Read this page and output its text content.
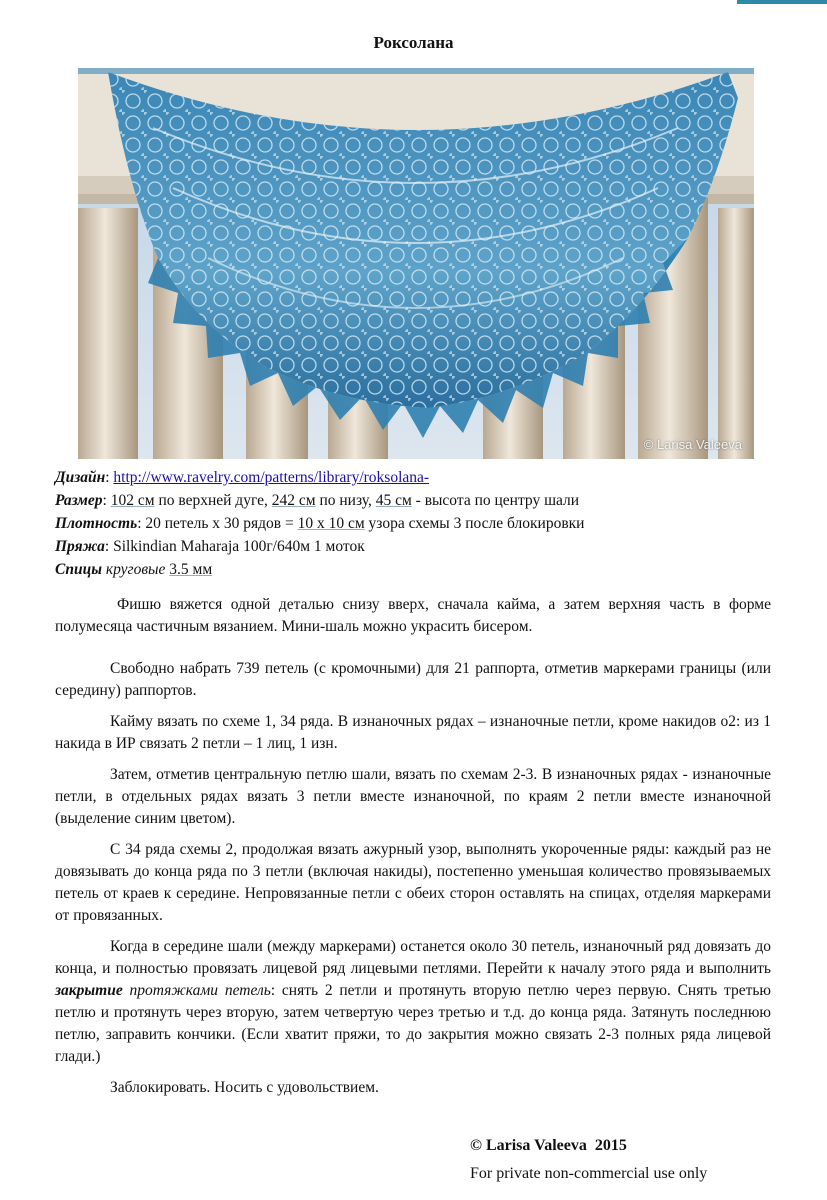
Роксолана
© Larisa Valeeva
Дизайн: http://www.ravelry.com/patterns/library/roksolana-
Размер: 102 см по верхней дуге, 242 см по низу, 45 см - высота по центру шали
Плотность: 20 петель х 30 рядов = 10 х 10 см узора схемы 3 после блокировки
Пряжа: Silkindian Maharaja 100г/640м 1 моток
Спицы круговые 3.5 мм

Фишю вяжется одной деталью снизу вверх, сначала кайма, а затем верхняя часть в форме полумесяца частичным вязанием. Мини-шаль можно украсить бисером.

Свободно набрать 739 петель (с кромочными) для 21 раппорта, отметив маркерами границы (или середину) раппортов.

Кайму вязать по схеме 1, 34 ряда. В изнаночных рядах – изнаночные петли, кроме накидов о2: из 1 накида в ИР связать 2 петли – 1 лиц, 1 изн.

Затем, отметив центральную петлю шали, вязать по схемам 2-3. В изнаночных рядах - изнаночные петли, в отдельных рядах вязать 3 петли вместе изнаночной, по краям 2 петли вместе изнаночной (выделение синим цветом).

С 34 ряда схемы 2, продолжая вязать ажурный узор, выполнять укороченные ряды: каждый раз не довязывать до конца ряда по 3 петли (включая накиды), постепенно уменьшая количество провязываемых петель от краев к середине. Непровязанные петли с обеих сторон оставлять на спицах, отделяя маркерами от провязанных.

Когда в середине шали (между маркерами) останется около 30 петель, изнаночный ряд довязать до конца, и полностью провязать лицевой ряд лицевыми петлями. Перейти к началу этого ряда и выполнить закрытие протяжками петель: снять 2 петли и протянуть вторую петлю через первую. Снять третью петлю и протянуть через вторую, затем четвертую через третью и т.д. до конца ряда. Затянуть последнюю петлю, заправить кончики. (Если хватит пряжи, то до закрытия можно связать 2-3 полных ряда лицевой глади.)

Заблокировать. Носить с удовольствием.

© Larisa Valeeva 2015
For private non-commercial use only
